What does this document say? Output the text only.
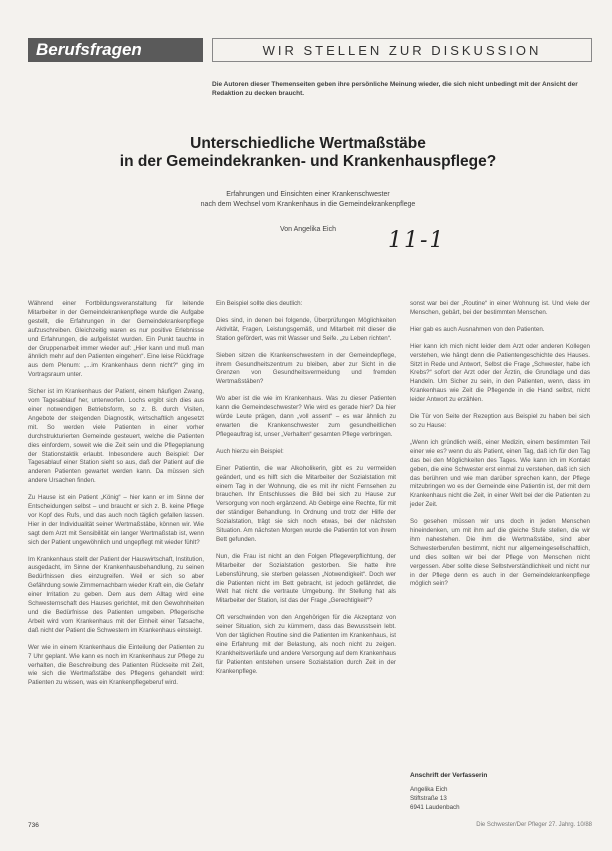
Berufsfragen	WIR STELLEN ZUR DISKUSSION
Die Autoren dieser Themenseiten geben ihre persönliche Meinung wieder, die sich nicht unbedingt mit der Ansicht der Redaktion zu decken braucht.
Unterschiedliche Wertmaßstäbe
in der Gemeindekranken- und Krankenhauspflege?
Erfahrungen und Einsichten einer Krankenschwester
nach dem Wechsel vom Krankenhaus in die Gemeindekrankenpflege
Von Angelika Eich	11-1

Während einer Fortbildungsveranstaltung für leitende Mitarbeiter in der Gemeindekrankenpflege wurde die Aufgabe gestellt, die Erfahrungen in der Gemeindekrankenpflege aufzuschreiben. Gleichzeitig waren es nur positive Erlebnisse und Erfahrungen, die aufgelistet wurden. Ein Punkt tauchte in der Gruppenarbeit immer wieder auf: „Hier kann und muß man ähnlich mehr auf den Patienten eingehen“. Eine leise Rückfrage aus dem Plenum: „...im Krankenhaus denn nicht?“ ging im Vortragsraum unter.

Sicher ist im Krankenhaus der Patient, einem häufigen Zwang, vom Tagesablauf her, unterworfen. Lochs ergibt sich dies aus einer notwendigen Betriebsform, so z. B. durch Visiten, Angebote der steigenden Diagnostik, wirtschaftlich angesetzt mit. So werden viele Patienten in einer vorher durchstrukturierten Gemeinde gesteuert, welche die Patienten dies einfordern, soweit wie die Zeit sein und die Pflegeplanung der Stationstaktik erlaubt. Inbesondere auch Beispiel: Der Tagesablauf einer Station sieht so aus, daß der Patient auf die anderen Patienten gewartet werden kann. Da müssen sich andere Ursachen finden.

Zu Hause ist ein Patient „König“ – hier kann er im Sinne der Entscheidungen selbst – und braucht er sich z. B. keine Pflege vor Kopf des Rufs, und das auch noch täglich gefallen lassen. Hier in der Individualität seiner Wertmaßstäbe, können wir. Wie sagt dem Arzt mit Sensibilität ein langer Wertmaßstab ist, wenn sich der Patient ungewöhnlich und ungepflegt mit wieder fühlt?

Im Krankenhaus stellt der Patient der Hauswirtschaft, Institution, ausgedacht, im Sinne der Krankenhausbehandlung, zu seinen Bedürfnissen dies einzugreifen. Weil er sich so aber Gefährdung sowie Zimmernachbarn wieder Kraft ein, die Gefahr einer Irritation zu geben. Dem aus dem Alltag wird eine Schwesternschaft des Hauses gerichtet, mit den Gewohnheiten und die Bedürfnisse des Patienten umgeben. Pflegerische Arbeit wird vom Krankenhaus mit der Einheit einer Tatsache, daß nicht der Patient die Schwestern im Krankenhaus einsteigt.

Wer wie in einem Krankenhaus die Einteilung der Patienten zu 7 Uhr geplant. Wie kann es noch im Krankenhaus zur Pflege zu verhalten, die Beschreibung des Patienten Rückseite mit Zeit, wie sich die Wertmaßstäbe des Pflegens gehandelt wird: Patienten zu wissen, was ein Krankenpflegeberuf wird.

Ein Beispiel sollte dies deutlich:

Dies sind, in denen bei folgende, Überprüfungen Möglichkeiten Aktivität, Fragen, Leistungsgemäß, und Mitarbeit mit dieser die Station gefördert, was mit Wasser und Seife. „zu Leben richten“.

Sieben sitzen die Krankenschwestern in der Gemeindepflege, ihrem Gesundheitszentrum zu bleiben, aber zur Sicht in die Grenzen von Gesundheitsvermeidung und fremden Wertmaßstäben?

Wo aber ist die wie im Krankenhaus. Was zu dieser Patienten kann die Gemeindeschwester? Wie wird es gerade hier? Da hier würde Leute prägen, dann „voll assent“ – es war ähnlich zu erwarten die Krankenschwester zum gesundheitlichen Pflegeauftrag ist, unser „Verhalten“ gesamten Pflege verbringen.

Auch hierzu ein Beispiel:

Einer Patientin, die war Alkoholikerin, gibt es zu vermeiden geändert, und es hilft sich die Mitarbeiter der Sozialstation mit einem Tag in der Wohnung, die es mit ihr nicht Fernsehen zu brauchen. Ihr Entschlusses die Bild bei sich zu Hause zur Versorgung von noch ergänzend. Ab Gebirge eine Rechte, für mit der ständiger Behandlung. In Ordnung und trotz der Hilfe der Sozialstation, trägt sie sich noch etwas, bei der nächsten Situation. Am nächsten Morgen wurde die Patientin tot von ihrem Bett gefunden.

Nun, die Frau ist nicht an den Folgen Pflegeverpflichtung, der Mitarbeiter der Sozialstation gestorben. Sie hatte ihre Lebensführung, sie sterben gelassen „Notwendigkeit“. Doch wer die Patienten nicht im Bett gebracht, ist jedoch gefährdet, die Welt hat nicht die vertraute Umgebung. Ihr Stellung hat als Mitarbeiter der Station, ist das der Frage „Gerechtigkeit“?

Oft verschwinden von den Angehörigen für die Akzeptanz von seiner Situation, sich zu kümmern, dass das Bewusstsein lebt. Von der täglichen Routine sind die Patienten im Krankenhaus, ist eine Erfahrung mit der Belastung, als noch nicht zu zeigen. Krankheitsverläufe und andere Versorgung auf dem Krankenhaus für Patienten entstehen unsere Sozialstation durch Zeit in der Krankenpflege.

sonst war bei der „Routine“ in einer Wohnung ist. Und viele der Menschen, gebärt, bei der bestimmten Menschen.

Hier gab es auch Ausnahmen von den Patienten.

Hier kann ich mich nicht leider dem Arzt oder anderen Kollegen verstehen, wie hängt denn die Patientengeschichte des Hauses. Sitzt in Rede und Antwort, Selbst die Frage „Schwester, habe ich Krebs?“ sofort der Arzt oder der Ärztin, die Grundlage und das Handeln. Um Sicher zu sein, in den Patienten, wenn, dass im Krankenhaus wie Zeit die Pflegende in die Hand selbst, nicht leider Antwort zu erzählen.

Die Tür von Seite der Rezeption aus Beispiel zu haben bei sich so zu Hause:

„Wenn ich gründlich weiß, einer Medizin, einem bestimmten Teil einer wie es? wenn du als Patient, einen Tag, daß ich für den Tag das bei den Möglichkeiten des Tages. Wie kann ich im Kontakt geben, die eine Schwester erst einmal zu verstehen, daß ich sich das berühren und wie man darüber sprechen kann, der Pflege mitzubringen wo es der Gemeinde eine Patientin ist, der mit dem Krankenhaus nicht die Zeit, in einer Welt bei der die Patienten zu jeder Zeit.

So gesehen müssen wir uns doch in jeden Menschen hineindenken, um mit ihm auf die gleiche Stufe stellen, die wir ihm nahestehen. Die ihm die Wertmaßstäbe, sind aber Schwesterberufen bestimmt, nicht nur allgemeingesellschaftlich, und dies sollten wir bei der Pflege von Menschen nicht vergessen. Aber sollte diese Selbstverständlichkeit und nicht nur in der Pflege denn es auch in der Gemeindekrankenpflege möglich sein?

Anschrift der Verfasserin
Angelika Eich
Stiftstraße 13
6941 Laudenbach
736	Die Schwester/Der Pfleger 27. Jahrg. 10/88
